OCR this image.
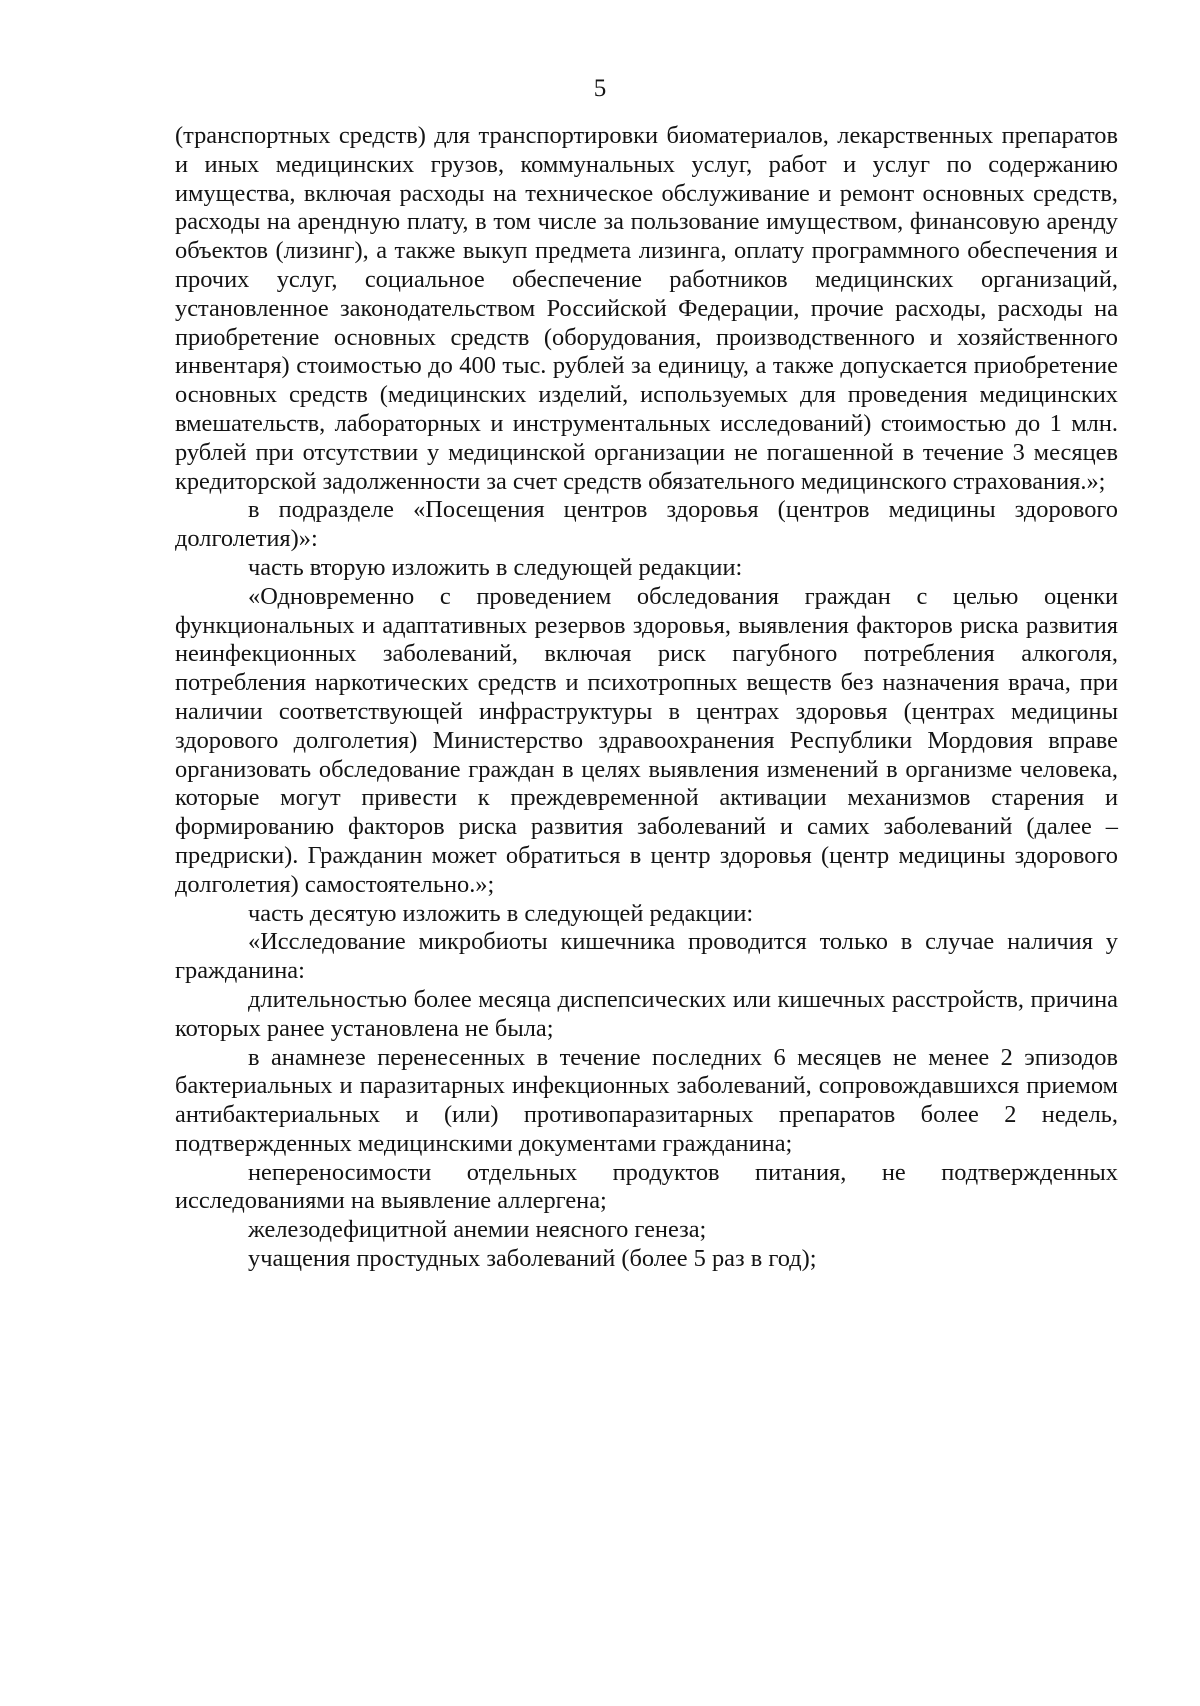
5

(транспортных средств) для транспортировки биоматериалов, лекарственных препаратов и иных медицинских грузов, коммунальных услуг, работ и услуг по содержанию имущества, включая расходы на техническое обслуживание и ремонт основных средств, расходы на арендную плату, в том числе за пользование имуществом, финансовую аренду объектов (лизинг), а также выкуп предмета лизинга, оплату программного обеспечения и прочих услуг, социальное обеспечение работников медицинских организаций, установленное законодательством Российской Федерации, прочие расходы, расходы на приобретение основных средств (оборудования, производственного и хозяйственного инвентаря) стоимостью до 400 тыс. рублей за единицу, а также допускается приобретение основных средств (медицинских изделий, используемых для проведения медицинских вмешательств, лабораторных и инструментальных исследований) стоимостью до 1 млн. рублей при отсутствии у медицинской организации не погашенной в течение 3 месяцев кредиторской задолженности за счет средств обязательного медицинского страхования.»;

в подразделе «Посещения центров здоровья (центров медицины здорового долголетия)»:

часть вторую изложить в следующей редакции:

«Одновременно с проведением обследования граждан с целью оценки функциональных и адаптативных резервов здоровья, выявления факторов риска развития неинфекционных заболеваний, включая риск пагубного потребления алкоголя, потребления наркотических средств и психотропных веществ без назначения врача, при наличии соответствующей инфраструктуры в центрах здоровья (центрах медицины здорового долголетия) Министерство здравоохранения Республики Мордовия вправе организовать обследование граждан в целях выявления изменений в организме человека, которые могут привести к преждевременной активации механизмов старения и формированию факторов риска развития заболеваний и самих заболеваний (далее – предриски). Гражданин может обратиться в центр здоровья (центр медицины здорового долголетия) самостоятельно.»;

часть десятую изложить в следующей редакции:

«Исследование микробиоты кишечника проводится только в случае наличия у гражданина:

длительностью более месяца диспепсических или кишечных расстройств, причина которых ранее установлена не была;

в анамнезе перенесенных в течение последних 6 месяцев не менее 2 эпизодов бактериальных и паразитарных инфекционных заболеваний, сопровождавшихся приемом антибактериальных и (или) противопаразитарных препаратов более 2 недель, подтвержденных медицинскими документами гражданина;

непереносимости отдельных продуктов питания, не подтвержденных исследованиями на выявление аллергена;

железодефицитной анемии неясного генеза;

учащения простудных заболеваний (более 5 раз в год);
